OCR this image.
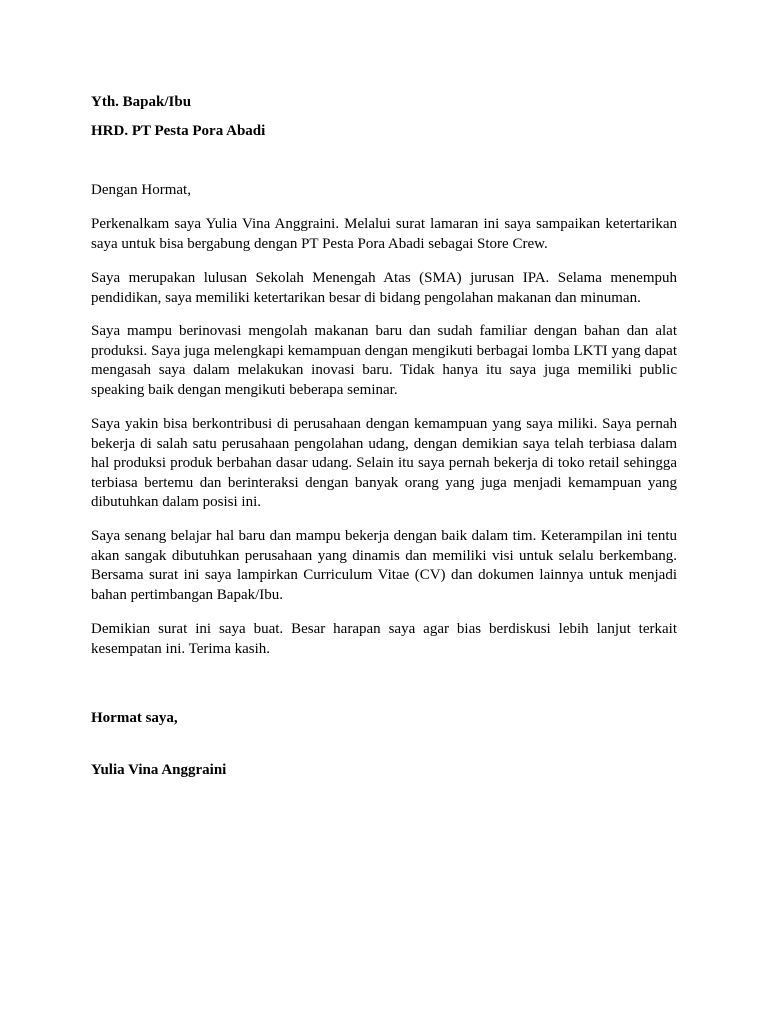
Yth. Bapak/Ibu

HRD. PT Pesta Pora Abadi

Dengan Hormat,

Perkenalkam saya Yulia Vina Anggraini. Melalui surat lamaran ini saya sampaikan ketertarikan saya untuk bisa bergabung dengan PT Pesta Pora Abadi sebagai Store Crew.

Saya merupakan lulusan Sekolah Menengah Atas (SMA) jurusan IPA. Selama menempuh pendidikan, saya memiliki ketertarikan besar di bidang pengolahan makanan dan minuman.

Saya mampu berinovasi mengolah makanan baru dan sudah familiar dengan bahan dan alat produksi. Saya juga melengkapi kemampuan dengan mengikuti berbagai lomba LKTI yang dapat mengasah saya dalam melakukan inovasi baru. Tidak hanya itu saya juga memiliki public speaking baik dengan mengikuti beberapa seminar.

Saya yakin bisa berkontribusi di perusahaan dengan kemampuan yang saya miliki. Saya pernah bekerja di salah satu perusahaan pengolahan udang, dengan demikian saya telah terbiasa dalam hal produksi produk berbahan dasar udang. Selain itu saya pernah bekerja di toko retail sehingga terbiasa bertemu dan berinteraksi dengan banyak orang yang juga menjadi kemampuan yang dibutuhkan dalam posisi ini.

Saya senang belajar hal baru dan mampu bekerja dengan baik dalam tim. Keterampilan ini tentu akan sangak dibutuhkan perusahaan yang dinamis dan memiliki visi untuk selalu berkembang. Bersama surat ini saya lampirkan Curriculum Vitae (CV) dan dokumen lainnya untuk menjadi bahan pertimbangan Bapak/Ibu.

Demikian surat ini saya buat. Besar harapan saya agar bias berdiskusi lebih lanjut terkait kesempatan ini. Terima kasih.

Hormat saya,

Yulia Vina Anggraini
